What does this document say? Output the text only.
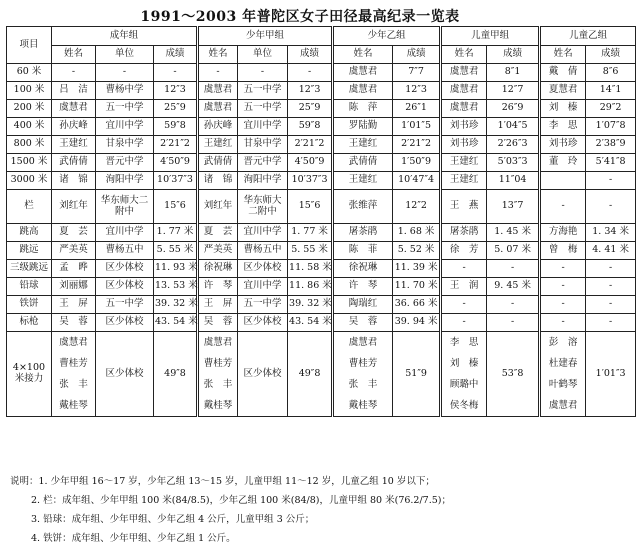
1991～2003 年普陀区女子田径最高纪录一览表
项目	成年组			少年甲组			少年乙组		儿童甲组		儿童乙组	
	姓名	单位	成绩	姓名	单位	成绩	姓名	成绩	姓名	成绩	姓名	成绩
60 米	-	-	-	-	-	-	虞慧君	7″7	虞慧君	8″1	戴　倩	8″6
100 米	吕　洁	曹杨中学	12″3	虞慧君	五一中学	12″3	虞慧君	12″3	虞慧君	12″7	夏慧君	14″1
200 米	虞慧君	五一中学	25″9	虞慧君	五一中学	25″9	陈　萍	26″1	虞慧君	26″9	刘　榛	29″2
400 米	孙庆峰	宜川中学	59″8	孙庆峰	宜川中学	59″8	罗陆勤	1′01″5	刘书珍	1′04″5	李　思	1′07″8
800 米	王建红	甘泉中学	2′21″2	王建红	甘泉中学	2′21″2	王建红	2′21″2	刘书珍	2′26″3	刘书珍	2′38″9
1500 米	武倩倩	晋元中学	4′50″9	武倩倩	晋元中学	4′50″9	武倩倩	1′50″9	王建红	5′03″3	董　玲	5′41″8
3000 米	诸　锦	洵阳中学	10′37″3	诸　锦	洵阳中学	10′37″3	王建红	10′47″4	王建红	11″04		-
栏	刘红年	华东师大二附中	15″6	刘红年	华东师大二附中	15″6	张维萍	12″2	王　燕	13″7	-	-
跳高	夏　芸	宜川中学	1. 77 米	夏　芸	宜川中学	1. 77 米	屠茶鹃	1. 68 米	屠茶鹃	1. 45 米	方海艳	1. 34 米
跳远	严美英	曹杨五中	5. 55 米	严美英	曹杨五中	5. 55 米	陈　菲	5. 52 米	徐　芳	5. 07 米	曾　梅	4. 41 米
三级跳远	孟　晔	区少体校	11. 93 米	徐祝琳	区少体校	11. 58 米	徐祝琳	11. 39 米	-	-	-	-
铅球	刘丽娜	区少体校	13. 53 米	许　琴	宜川中学	11. 86 米	许　琴	11. 70 米	王　润	9. 45 米	-	-
铁饼	王　屏	五一中学	39. 32 米	王　屏	五一中学	39. 32 米	陶瑞红	36. 66 米	-	-	-	-
标枪	吴　蓉	区少体校	43. 54 米	吴　蓉	区少体校	43. 54 米	吴　蓉	39. 94 米	-	-	-	-
4×100 米接力	虞慧君
曹桂芳
张　丰
戴桂琴	区少体校	49″8	虞慧君
曹桂芳
张　丰
戴桂琴	区少体校	49″8	虞慧君
曹桂芳
张　丰
戴桂琴	51″9	李　思
刘　榛
顾璐中
侯冬梅	53″8	彭　溶
杜建春
叶鹤琴
虞慧君	1′01″3
说明：1. 少年甲组 16～17 岁，少年乙组 13～15 岁，儿童甲组 11～12 岁，儿童乙组 10 岁以下；
2. 栏：成年组、少年甲组 100 米(84/8.5)，少年乙组 100 米(84/8)，儿童甲组 80 米(76.2/7.5)；
3. 铅球：成年组、少年甲组、少年乙组 4 公斤，儿童甲组 3 公斤；
4. 铁饼：成年组、少年甲组、少年乙组 1 公斤。
